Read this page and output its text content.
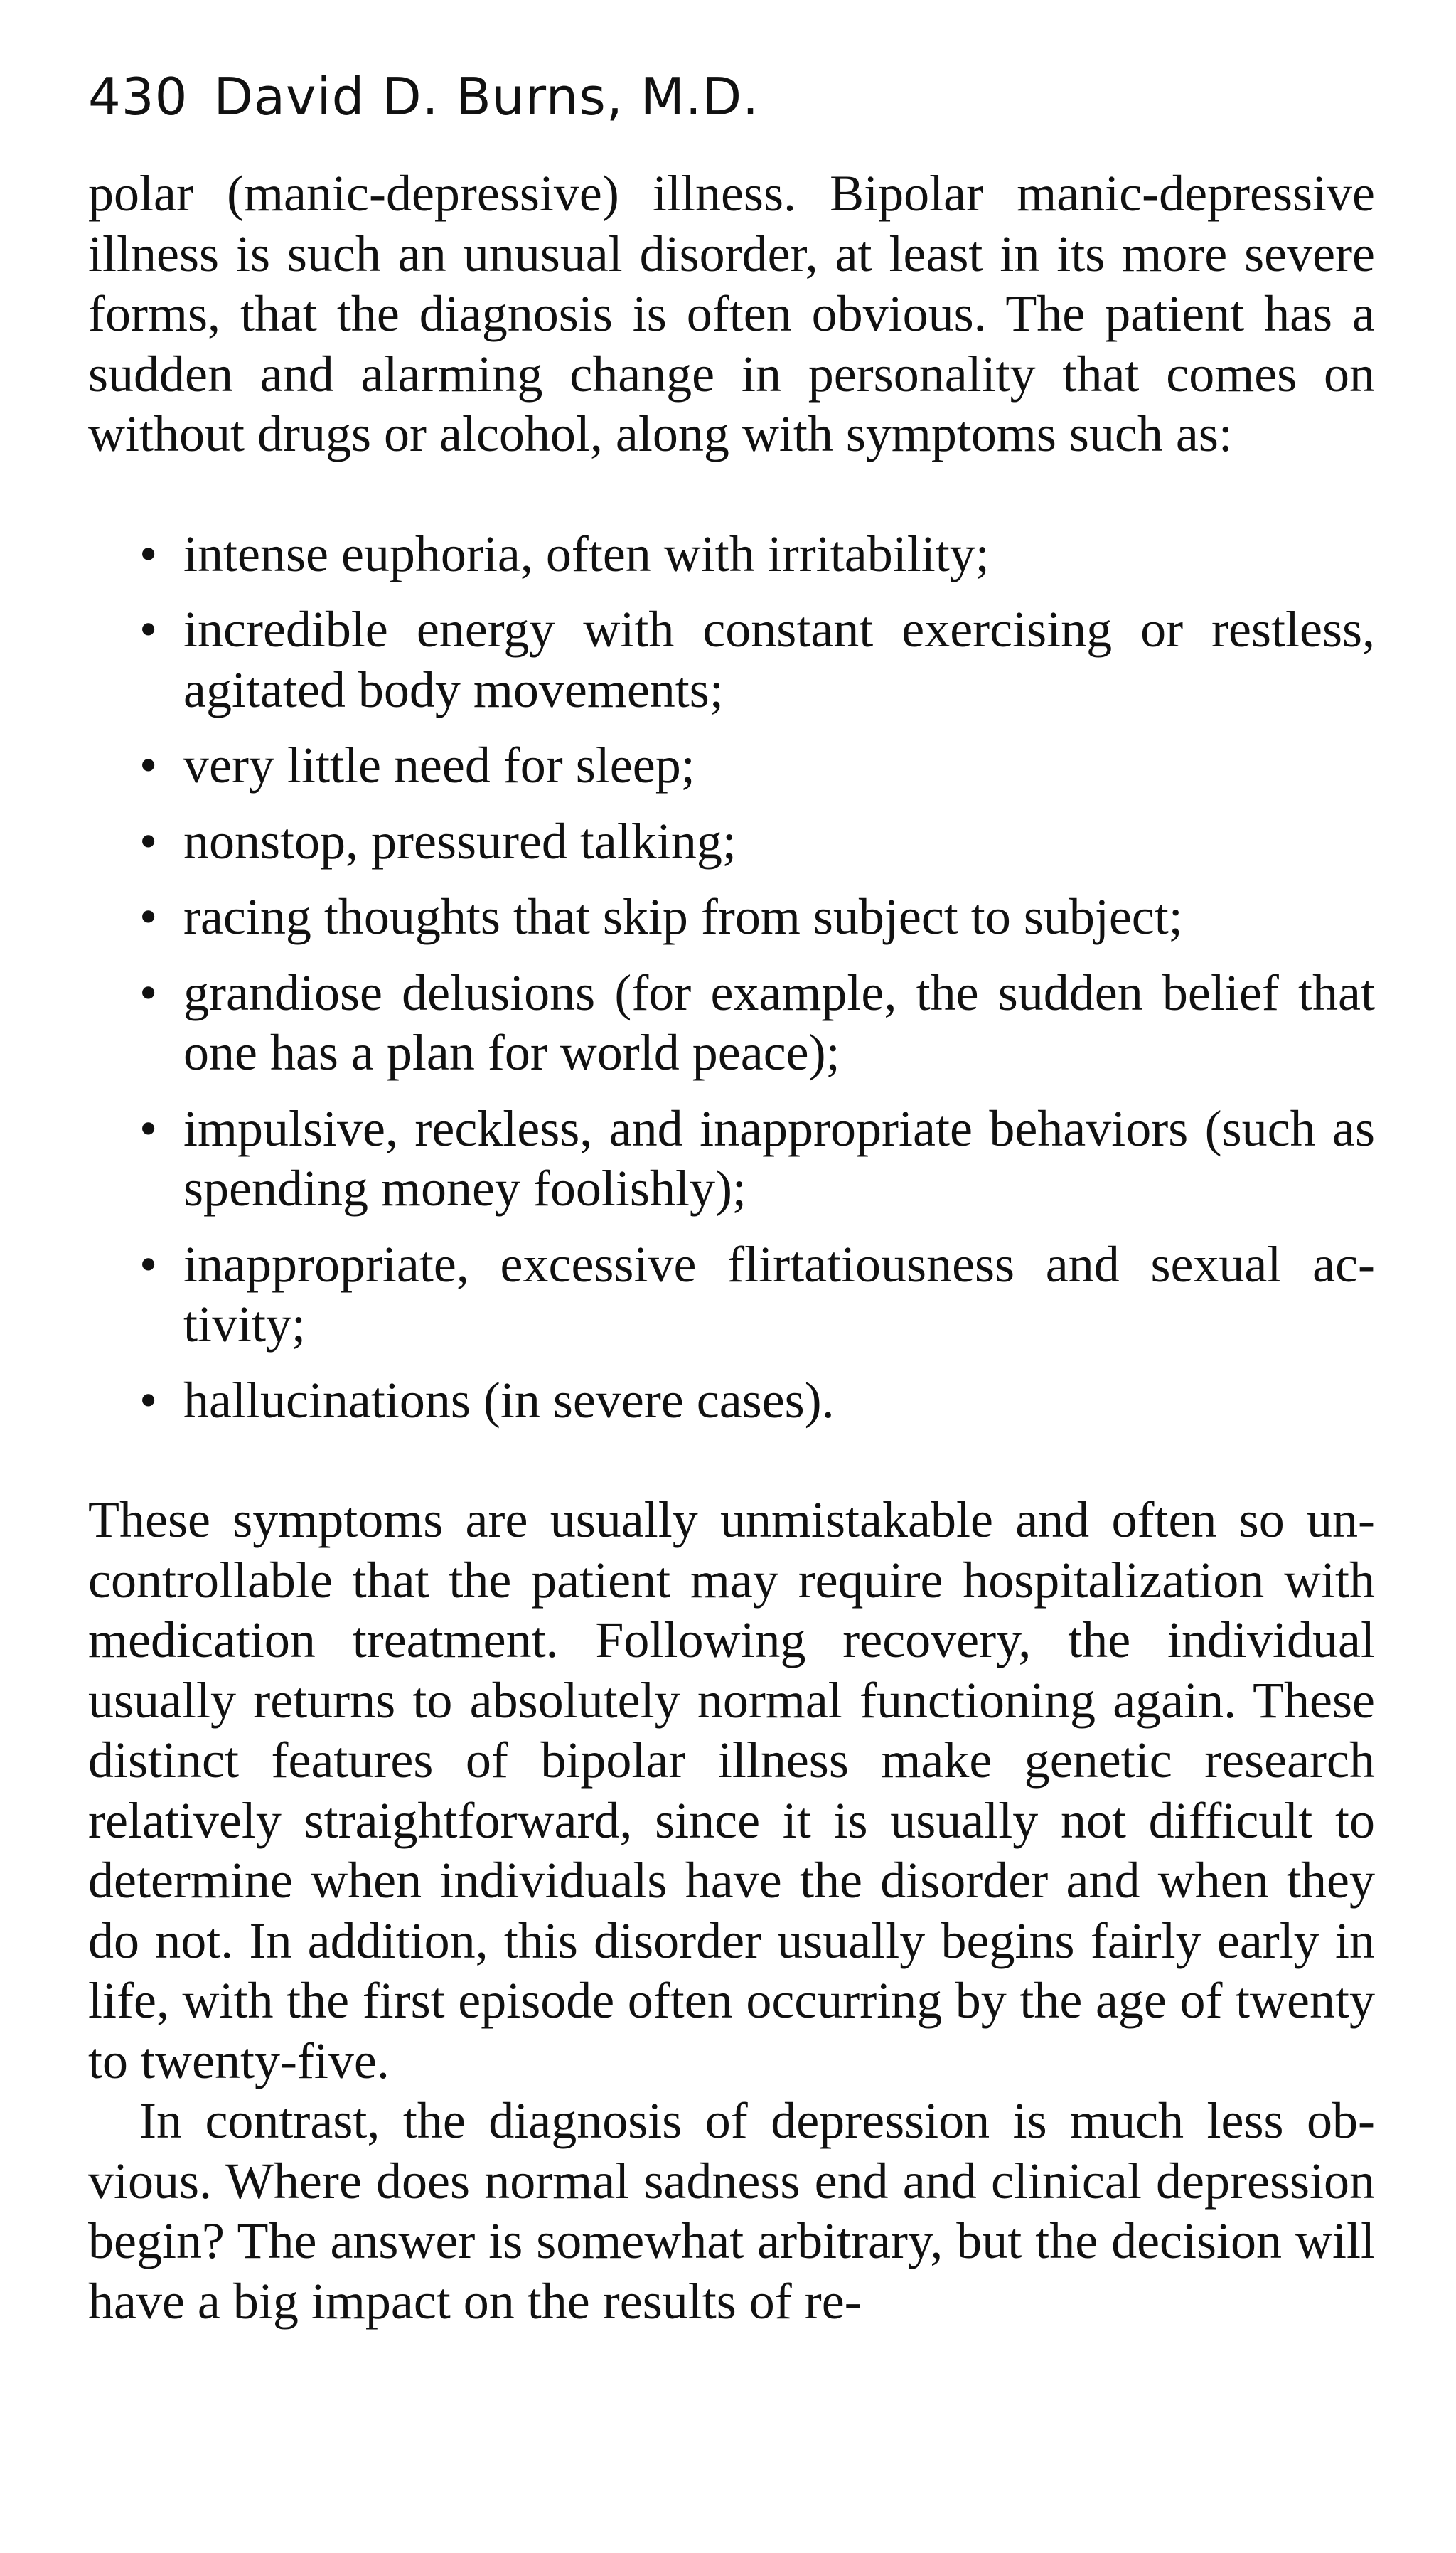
430 David D. Burns, M.D.

polar (manic-depressive) illness. Bipolar manic-depressive illness is such an unusual disorder, at least in its more severe forms, that the diagnosis is often obvious. The patient has a sudden and alarming change in personality that comes on without drugs or alcohol, along with symptoms such as:

• intense euphoria, often with irritability;
• incredible energy with constant exercising or restless, agitated body movements;
• very little need for sleep;
• nonstop, pressured talking;
• racing thoughts that skip from subject to subject;
• grandiose delusions (for example, the sudden belief that one has a plan for world peace);
• impulsive, reckless, and inappropriate behaviors (such as spending money foolishly);
• inappropriate, excessive flirtatiousness and sexual activity;
• hallucinations (in severe cases).

These symptoms are usually unmistakable and often so uncontrollable that the patient may require hospitalization with medication treatment. Following recovery, the individual usually returns to absolutely normal functioning again. These distinct features of bipolar illness make genetic research relatively straightforward, since it is usually not difficult to determine when individuals have the disorder and when they do not. In addition, this disorder usually begins fairly early in life, with the first episode often occurring by the age of twenty to twenty-five.

In contrast, the diagnosis of depression is much less obvious. Where does normal sadness end and clinical depression begin? The answer is somewhat arbitrary, but the decision will have a big impact on the results of re-
